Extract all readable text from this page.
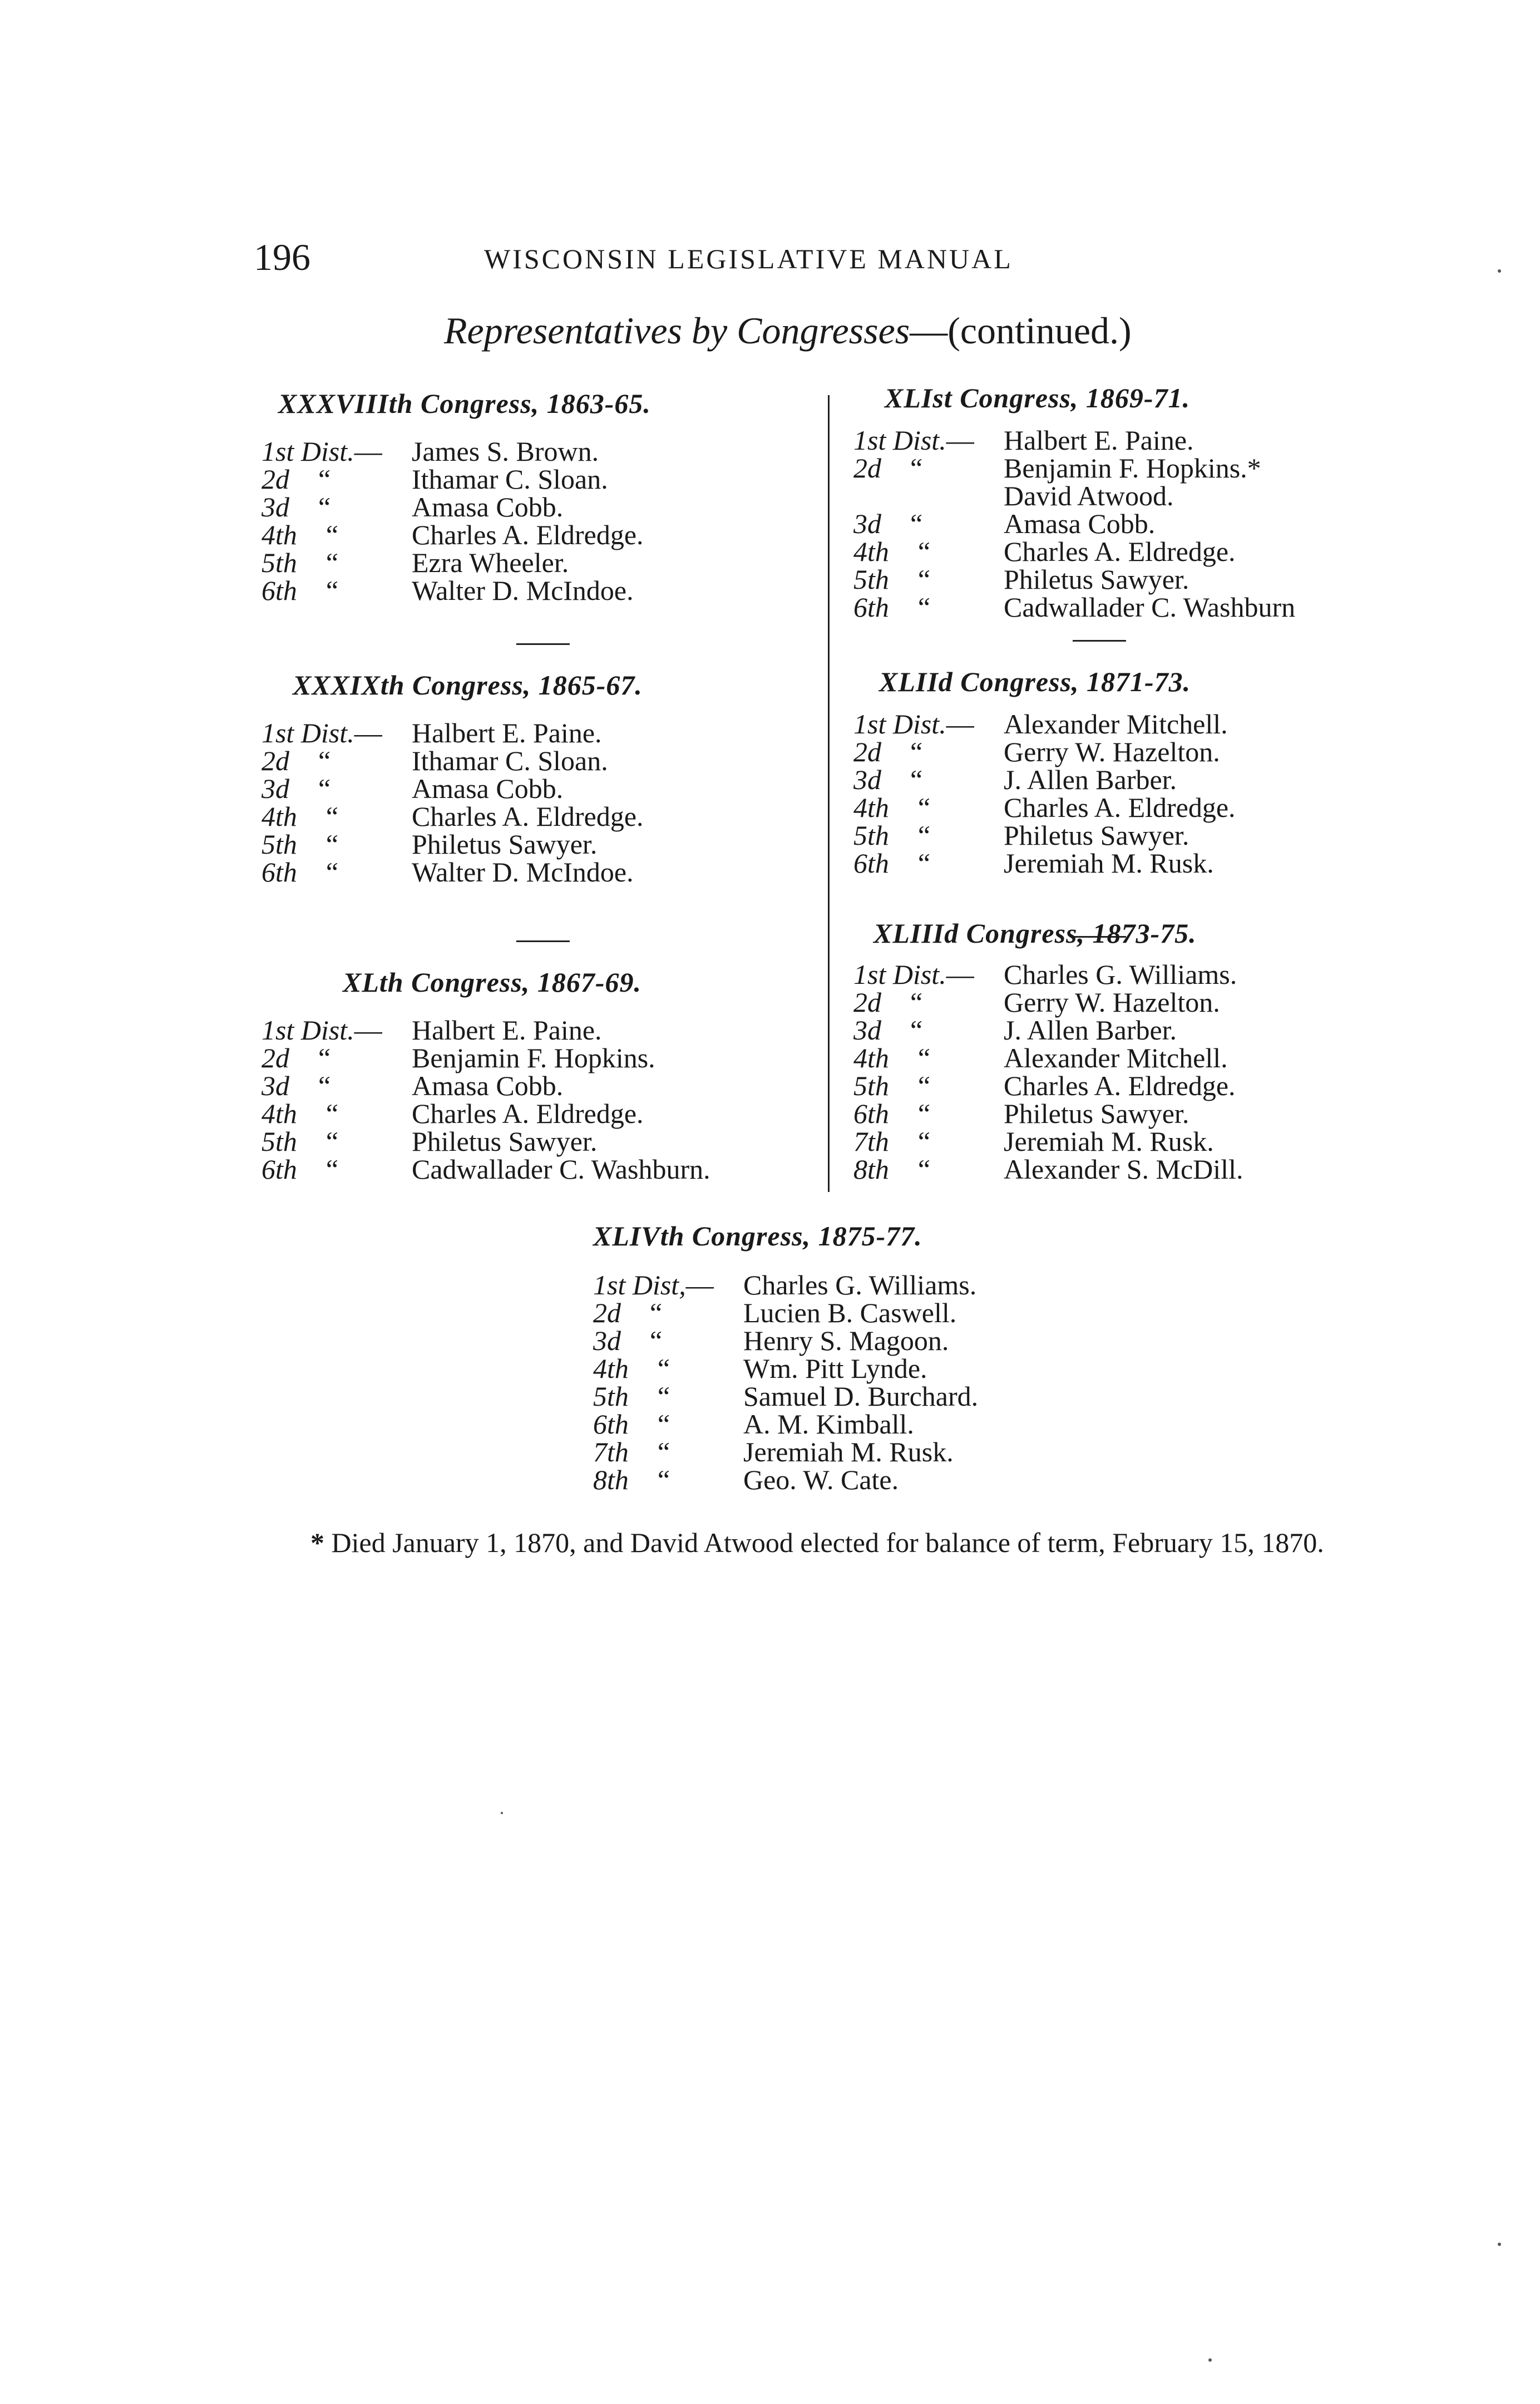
196	WISCONSIN LEGISLATIVE MANUAL
Representatives by Congresses—(continued.)
XXXVIIIth Congress, 1863-65.
1st Dist.—	James S. Brown.
2d “	Ithamar C. Sloan.
3d “	Amasa Cobb.
4th “	Charles A. Eldredge.
5th “	Ezra Wheeler.
6th “	Walter D. McIndoe.
XXXIXth Congress, 1865-67.
1st Dist.—	Halbert E. Paine.
2d “	Ithamar C. Sloan.
3d “	Amasa Cobb.
4th “	Charles A. Eldredge.
5th “	Philetus Sawyer.
6th “	Walter D. McIndoe.
XLth Congress, 1867-69.
1st Dist.—	Halbert E. Paine.
2d “	Benjamin F. Hopkins.
3d “	Amasa Cobb.
4th “	Charles A. Eldredge.
5th “	Philetus Sawyer.
6th “	Cadwallader C. Washburn.
XLIst Congress, 1869-71.
1st Dist.—	Halbert E. Paine.
2d “	Benjamin F. Hopkins.*
David Atwood.
3d “	Amasa Cobb.
4th “	Charles A. Eldredge.
5th “	Philetus Sawyer.
6th “	Cadwallader C. Washburn
XLIId Congress, 1871-73.
1st Dist.—	Alexander Mitchell.
2d “	Gerry W. Hazelton.
3d “	J. Allen Barber.
4th “	Charles A. Eldredge.
5th “	Philetus Sawyer.
6th “	Jeremiah M. Rusk.
XLIIId Congress, 1873-75.
1st Dist.—	Charles G. Williams.
2d “	Gerry W. Hazelton.
3d “	J. Allen Barber.
4th “	Alexander Mitchell.
5th “	Charles A. Eldredge.
6th “	Philetus Sawyer.
7th “	Jeremiah M. Rusk.
8th “	Alexander S. McDill.
XLIVth Congress, 1875-77.
1st Dist,—	Charles G. Williams.
2d “	Lucien B. Caswell.
3d “	Henry S. Magoon.
4th “	Wm. Pitt Lynde.
5th “	Samuel D. Burchard.
6th “	A. M. Kimball.
7th “	Jeremiah M. Rusk.
8th “	Geo. W. Cate.
* Died January 1, 1870, and David Atwood elected for balance of term, February 15, 1870.
